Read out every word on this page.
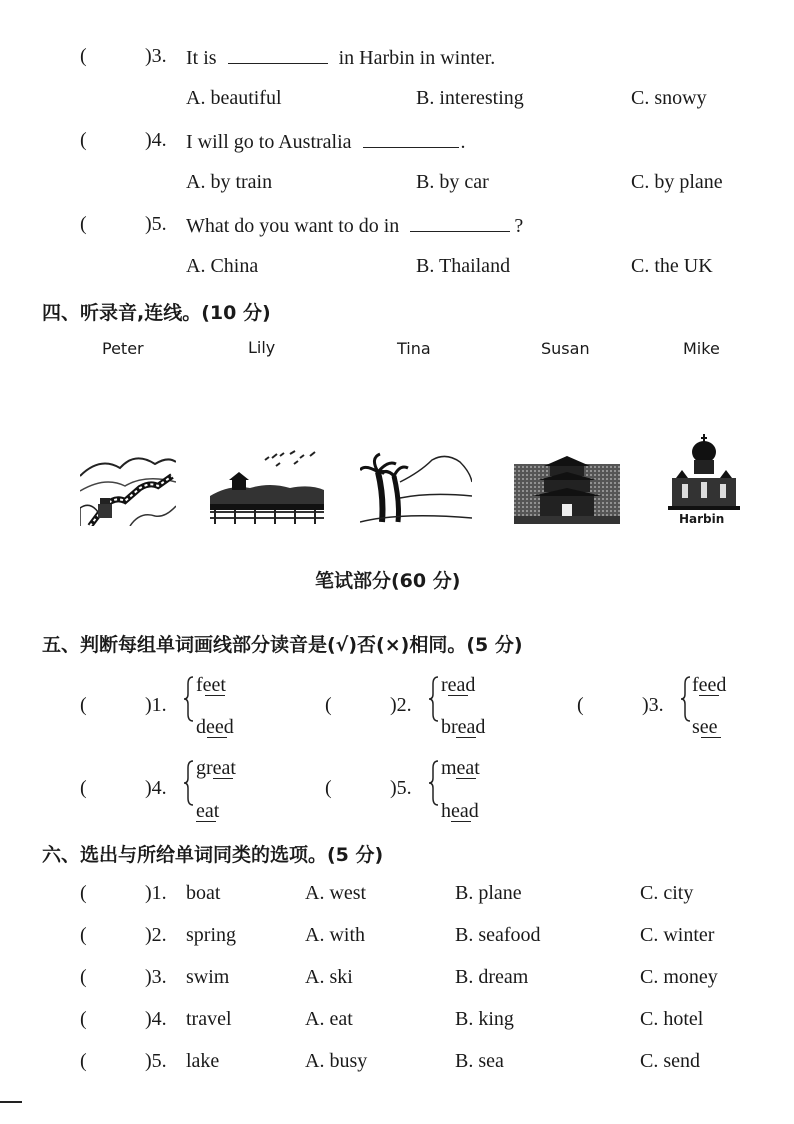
(	)3. It is	in Harbin in winter.
A. beautiful	B. interesting	C. snowy
(	)4. I will go to Australia	.
A. by train	B. by car	C. by plane
(	)5. What do you want to do in	?
A. China	B. Thailand	C. the UK
四、听录音,连线。(10 分)
Peter	Lily	Tina	Susan	Mike
Harbin
笔试部分(60 分)
五、判断每组单词画线部分读音是(√)否(×)相同。(5 分)
(	)1.
feet
deed
(	)2.
read
bread
(	)3.
feed
see
(	)4.
great
eat
(	)5.
meat
head
六、选出与所给单词同类的选项。(5 分)
(	)1. boat	A. west	B. plane	C. city
(	)2. spring	A. with	B. seafood	C. winter
(	)3. swim	A. ski	B. dream	C. money
(	)4. travel	A. eat	B. king	C. hotel
(	)5. lake	A. busy	B. sea	C. send
